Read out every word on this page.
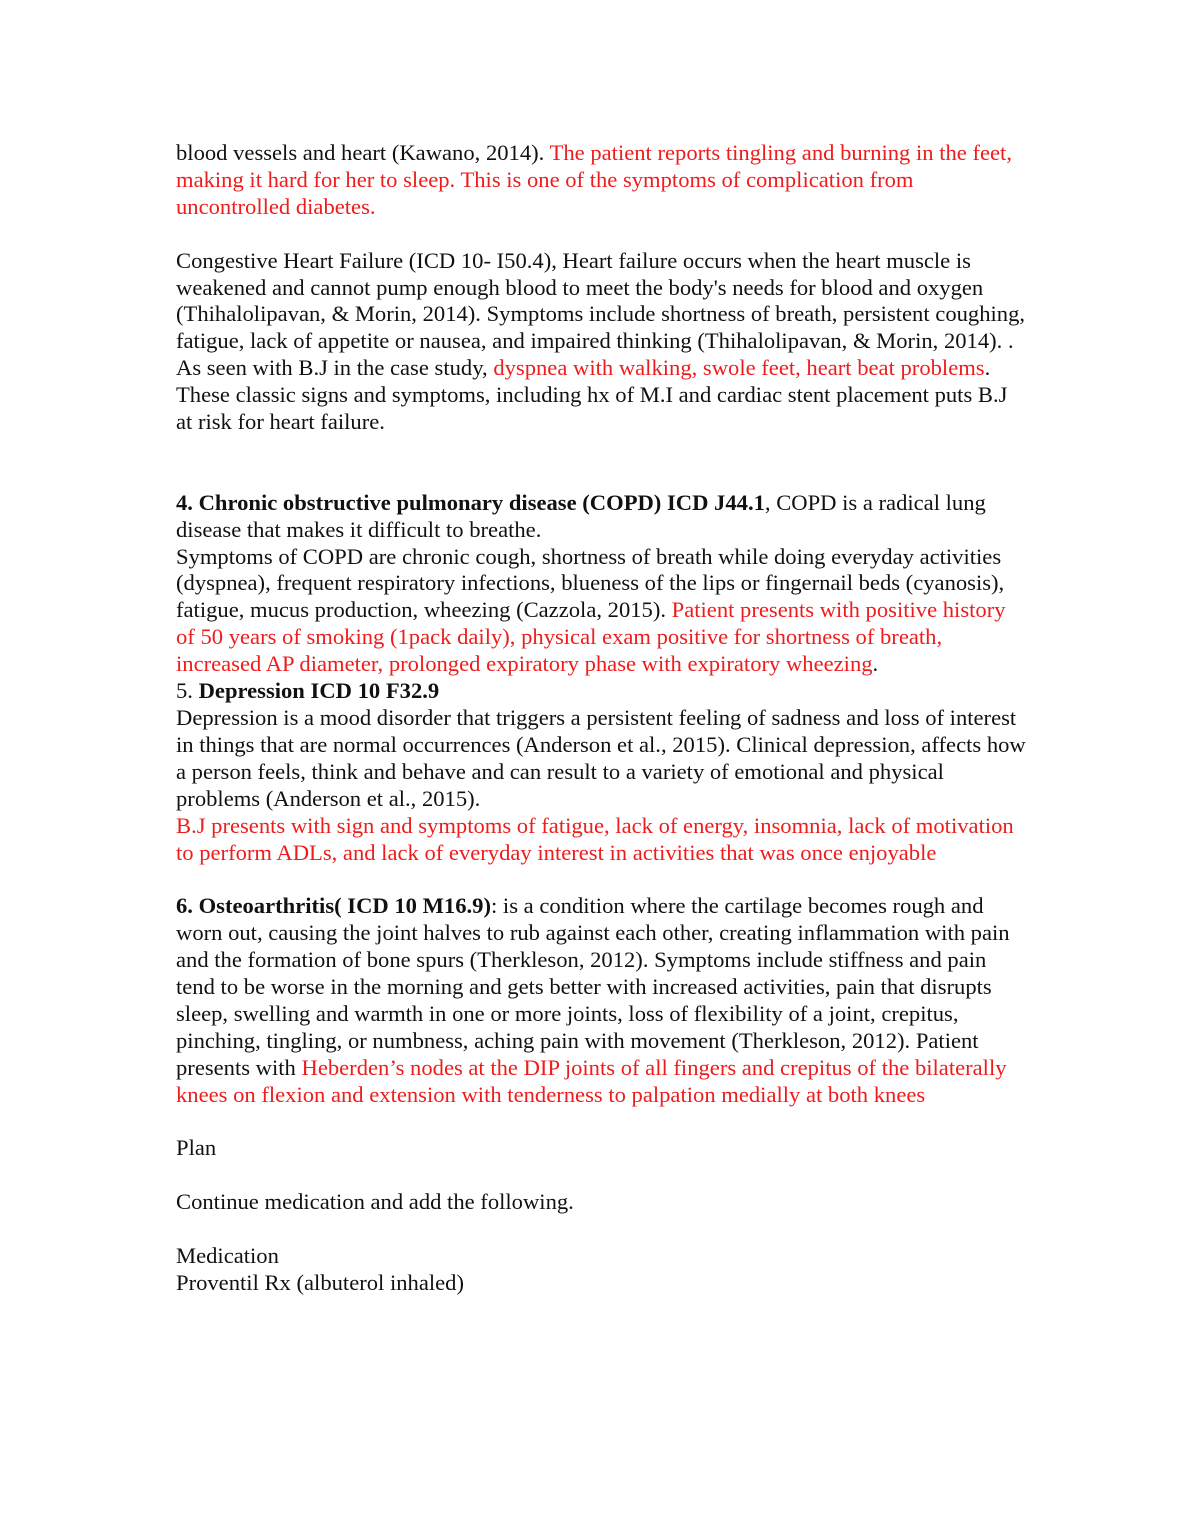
blood vessels and heart (Kawano, 2014). The patient reports tingling and burning in the feet, making it hard for her to sleep. This is one of the symptoms of complication from uncontrolled diabetes.

Congestive Heart Failure (ICD 10- I50.4), Heart failure occurs when the heart muscle is weakened and cannot pump enough blood to meet the body's needs for blood and oxygen (Thihalolipavan, & Morin, 2014). Symptoms include shortness of breath, persistent coughing, fatigue, lack of appetite or nausea, and impaired thinking (Thihalolipavan, & Morin, 2014). . As seen with B.J in the case study, dyspnea with walking, swole feet, heart beat problems. These classic signs and symptoms, including hx of M.I and cardiac stent placement puts B.J at risk for heart failure.

4. Chronic obstructive pulmonary disease (COPD) ICD J44.1, COPD is a radical lung disease that makes it difficult to breathe.

Symptoms of COPD are chronic cough, shortness of breath while doing everyday activities (dyspnea), frequent respiratory infections, blueness of the lips or fingernail beds (cyanosis), fatigue, mucus production, wheezing (Cazzola, 2015). Patient presents with positive history of 50 years of smoking (1pack daily), physical exam positive for shortness of breath, increased AP diameter, prolonged expiratory phase with expiratory wheezing.

5. Depression ICD 10 F32.9

Depression is a mood disorder that triggers a persistent feeling of sadness and loss of interest in things that are normal occurrences (Anderson et al., 2015). Clinical depression, affects how a person feels, think and behave and can result to a variety of emotional and physical problems (Anderson et al., 2015).

B.J presents with sign and symptoms of fatigue, lack of energy, insomnia, lack of motivation to perform ADLs, and lack of everyday interest in activities that was once enjoyable

6. Osteoarthritis( ICD 10 M16.9): is a condition where the cartilage becomes rough and worn out, causing the joint halves to rub against each other, creating inflammation with pain and the formation of bone spurs (Therkleson, 2012). Symptoms include stiffness and pain tend to be worse in the morning and gets better with increased activities, pain that disrupts sleep, swelling and warmth in one or more joints, loss of flexibility of a joint, crepitus, pinching, tingling, or numbness, aching pain with movement (Therkleson, 2012). Patient presents with Heberden’s nodes at the DIP joints of all fingers and crepitus of the bilaterally knees on flexion and extension with tenderness to palpation medially at both knees

Plan

Continue medication and add the following.

Medication

Proventil Rx (albuterol inhaled)
